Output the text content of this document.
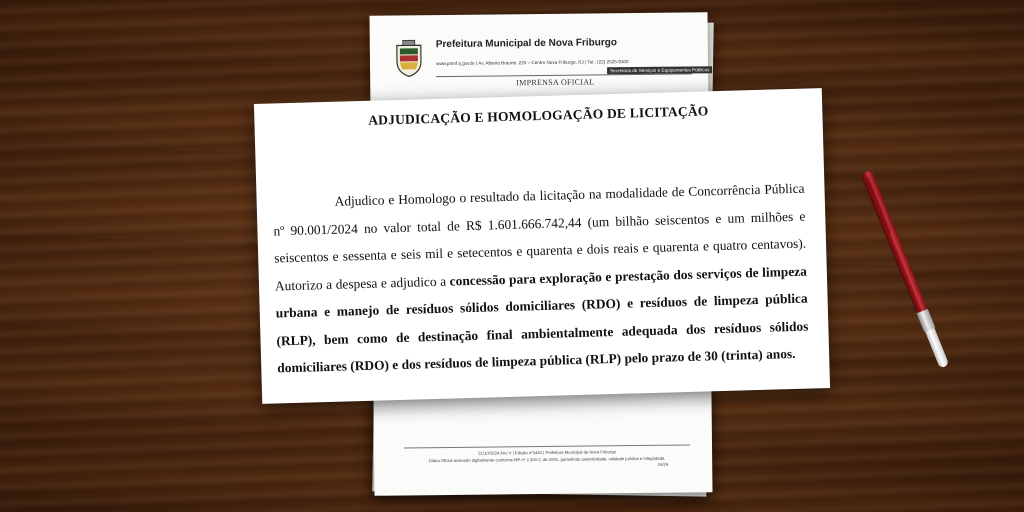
Prefeitura Municipal de Nova Friburgo
www.pmnf.rj.gov.br | Av. Alberto Braune, 225 – Centro Nova Friburgo, RJ | Tel.: (22) 2525-9100
Secretaria de Serviços e Equipamentos Públicos
IMPRENSA OFICIAL
21/10/2024 Ano V | Edição nº2442 | Prefeitura Municipal de Nova Friburgo
Diário Oficial assinado digitalmente conforme MP nº 2.200-2, de 2001, garantindo autenticidade, validade jurídica e integridade.
16/24
ADJUDICAÇÃO E HOMOLOGAÇÃO DE LICITAÇÃO
Adjudico e Homologo o resultado da licitação na modalidade de Concorrência Pública nº 90.001/2024 no valor total de R$ 1.601.666.742,44 (um bilhão seiscentos e um milhões e seiscentos e sessenta e seis mil e setecentos e quarenta e dois reais e quarenta e quatro centavos). Autorizo a despesa e adjudico a concessão para exploração e prestação dos serviços de limpeza urbana e manejo de resíduos sólidos domiciliares (RDO) e resíduos de limpeza pública (RLP), bem como de destinação final ambientalmente adequada dos resíduos sólidos domiciliares (RDO) e dos resíduos de limpeza pública (RLP) pelo prazo de 30 (trinta) anos.
